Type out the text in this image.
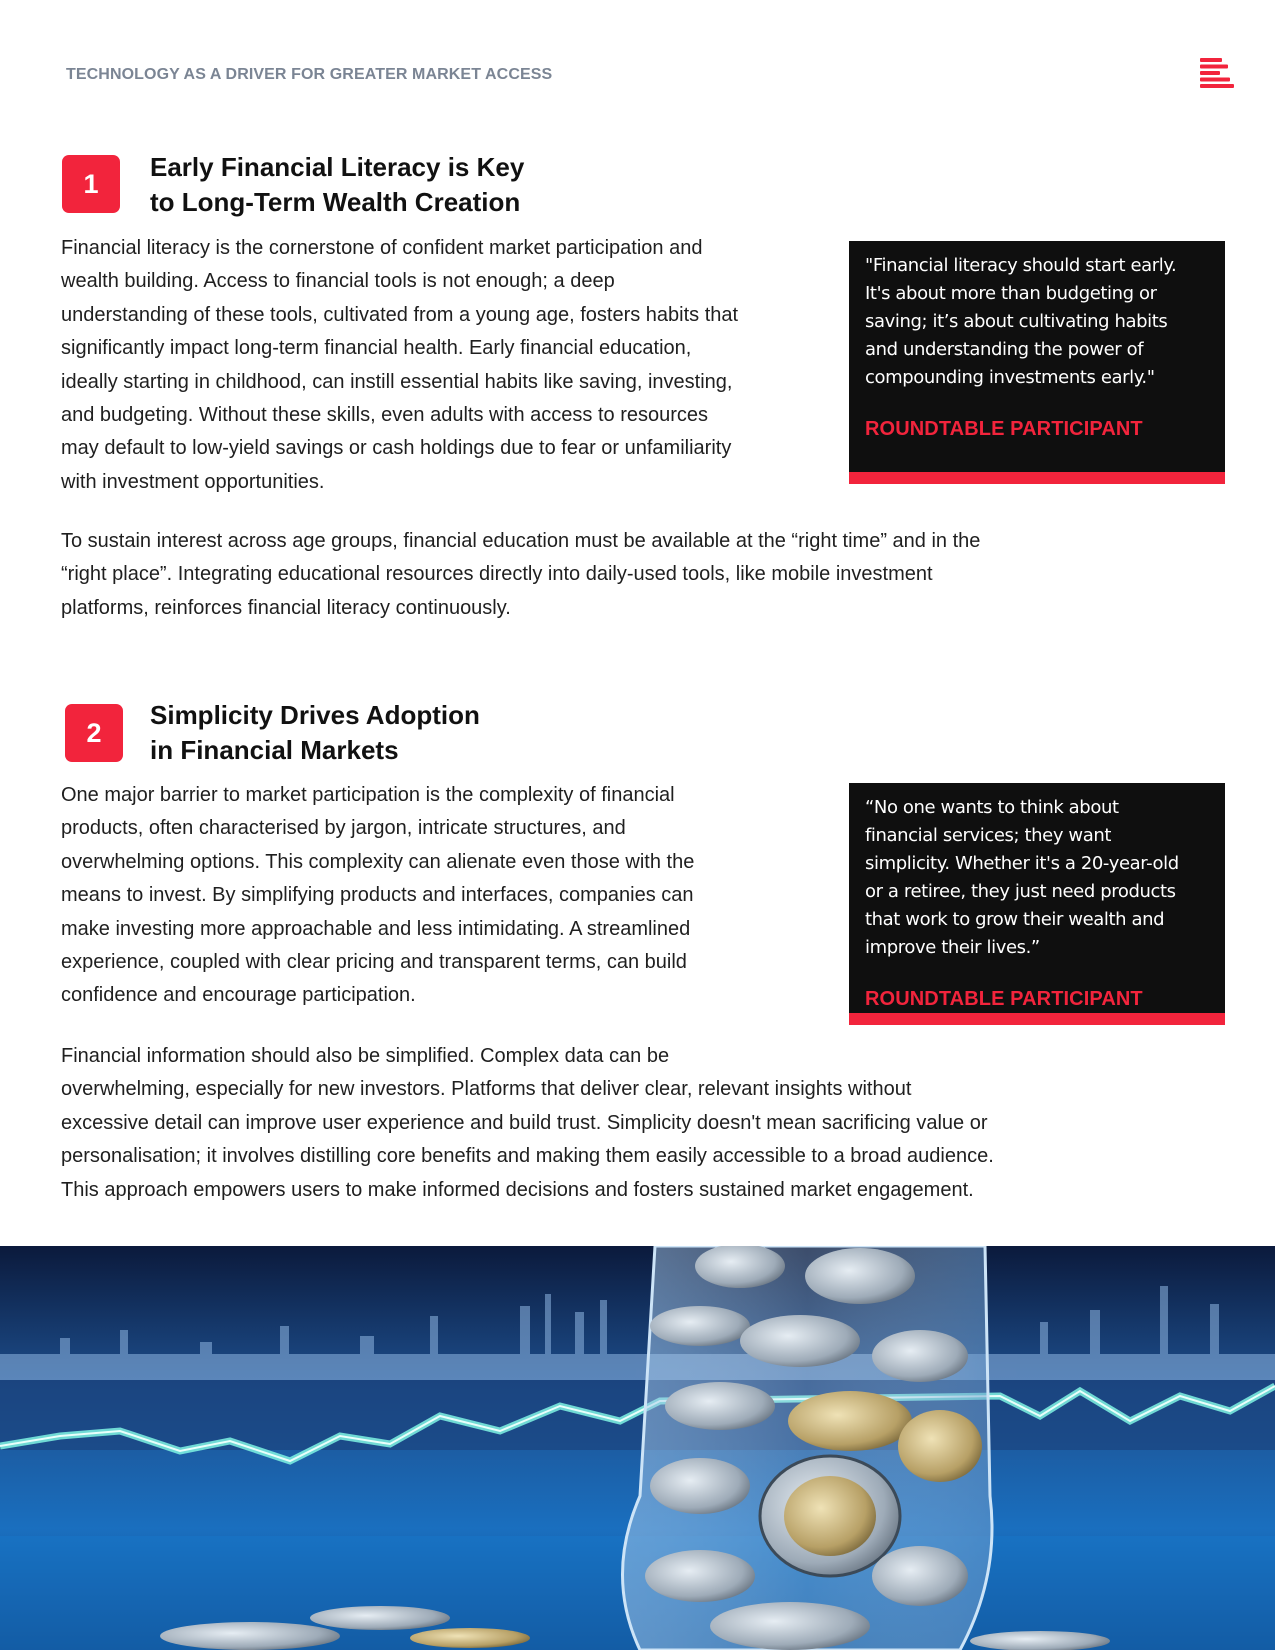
TECHNOLOGY AS A DRIVER FOR GREATER MARKET ACCESS
1
Early Financial Literacy is Key
to Long-Term Wealth Creation
Financial literacy is the cornerstone of confident market participation and
wealth building. Access to financial tools is not enough; a deep
understanding of these tools, cultivated from a young age, fosters habits that
significantly impact long-term financial health. Early financial education,
ideally starting in childhood, can instill essential habits like saving, investing,
and budgeting. Without these skills, even adults with access to resources
may default to low-yield savings or cash holdings due to fear or unfamiliarity
with investment opportunities.
"Financial literacy should start early.
It's about more than budgeting or
saving; it’s about cultivating habits
and understanding the power of
compounding investments early."
ROUNDTABLE PARTICIPANT
To sustain interest across age groups, financial education must be available at the “right time” and in the
“right place”. Integrating educational resources directly into daily-used tools, like mobile investment
platforms, reinforces financial literacy continuously.
2
Simplicity Drives Adoption
in Financial Markets
One major barrier to market participation is the complexity of financial
products, often characterised by jargon, intricate structures, and
overwhelming options. This complexity can alienate even those with the
means to invest. By simplifying products and interfaces, companies can
make investing more approachable and less intimidating. A streamlined
experience, coupled with clear pricing and transparent terms, can build
confidence and encourage participation.
“No one wants to think about
financial services; they want
simplicity. Whether it's a 20-year-old
or a retiree, they just need products
that work to grow their wealth and
improve their lives.”
ROUNDTABLE PARTICIPANT
Financial information should also be simplified. Complex data can be
overwhelming, especially for new investors. Platforms that deliver clear, relevant insights without
excessive detail can improve user experience and build trust. Simplicity doesn't mean sacrificing value or
personalisation; it involves distilling core benefits and making them easily accessible to a broad audience.
This approach empowers users to make informed decisions and fosters sustained market engagement.
